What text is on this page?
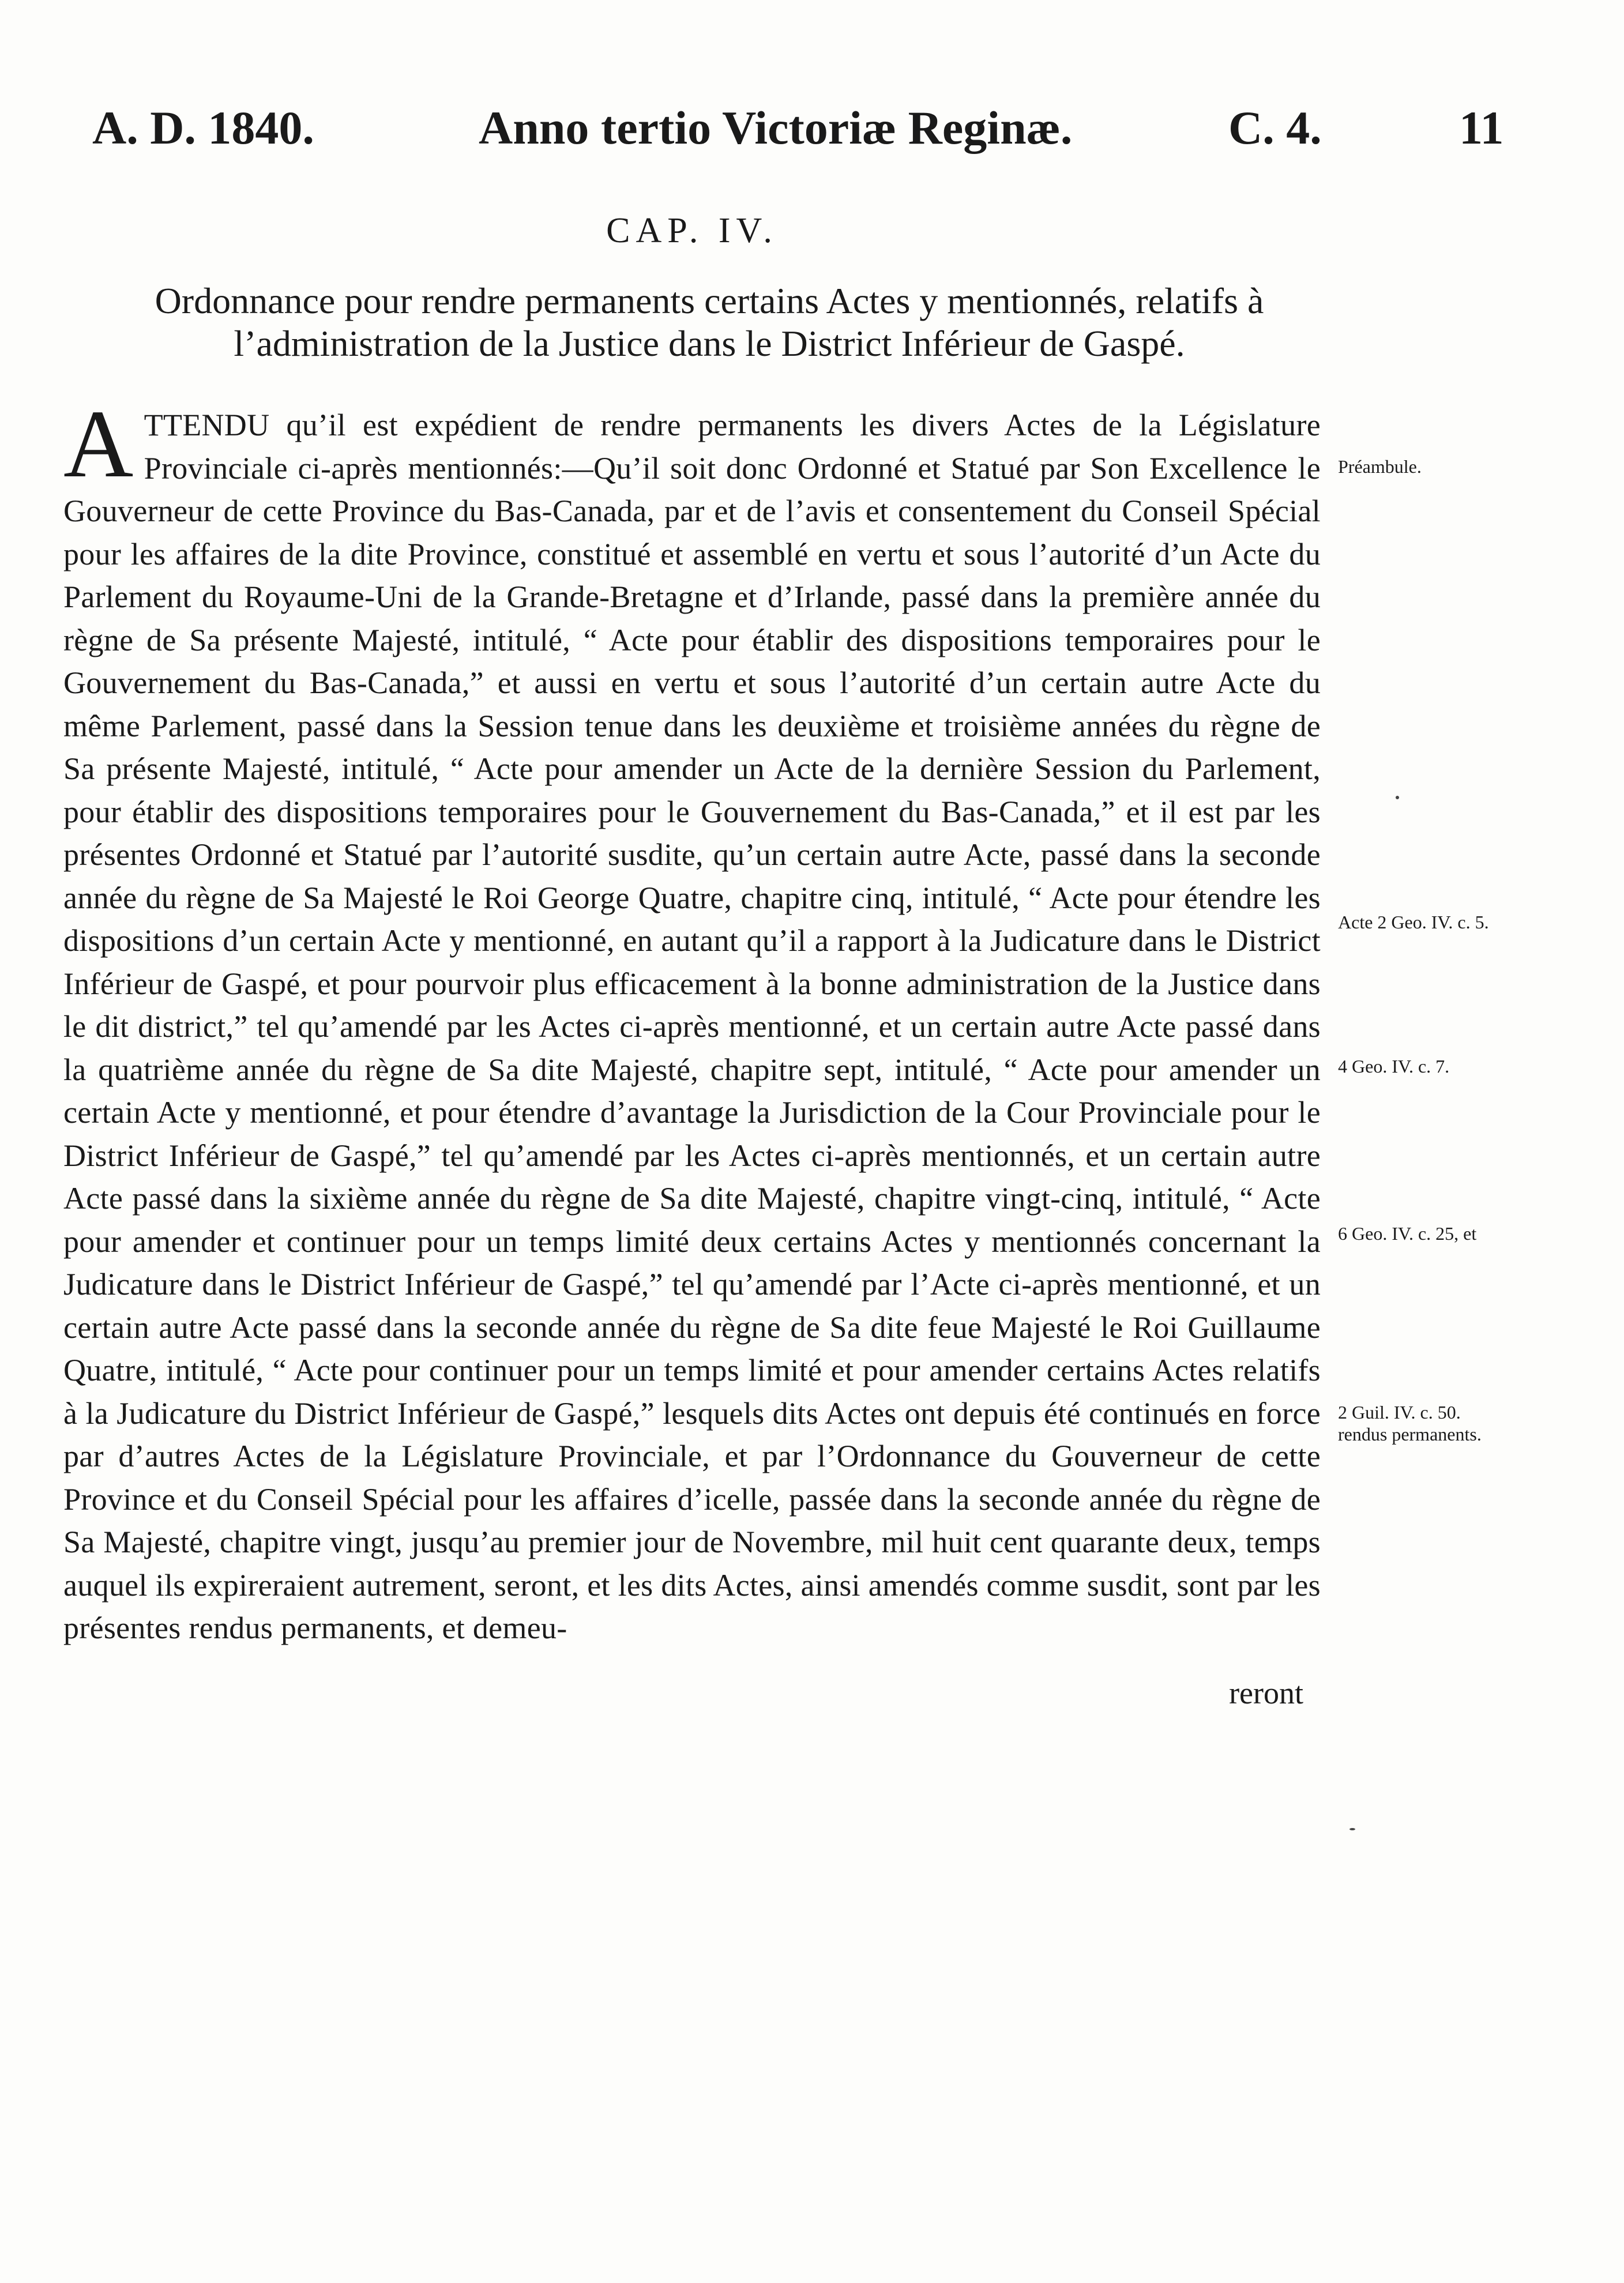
A. D. 1840.	Anno tertio Victoriæ Reginæ.	C. 4.	11
CAP. IV.
Ordonnance pour rendre permanents certains Actes y mentionnés, relatifs à l’administration de la Justice dans le District Inférieur de Gaspé.
A TTENDU qu’il est expédient de rendre permanents les divers Actes de la Législature Provinciale ci-après mentionnés:—Qu’il soit donc Ordonné et Statué par Son Excellence le Gouverneur de cette Province du Bas-Canada, par et de l’avis et consentement du Conseil Spécial pour les affaires de la dite Province, constitué et assemblé en vertu et sous l’autorité d’un Acte du Parlement du Royaume-Uni de la Grande-Bretagne et d’Irlande, passé dans la première année du règne de Sa présente Majesté, intitulé, “ Acte pour établir des dispositions temporaires pour le Gouvernement du Bas-Canada,” et aussi en vertu et sous l’autorité d’un certain autre Acte du même Parlement, passé dans la Session tenue dans les deuxième et troisième années du règne de Sa présente Majesté, intitulé, “ Acte pour amender un Acte de la dernière Session du Parlement, pour établir des dispositions temporaires pour le Gouvernement du Bas-Canada,” et il est par les présentes Ordonné et Statué par l’autorité susdite, qu’un certain autre Acte, passé dans la seconde année du règne de Sa Majesté le Roi George Quatre, chapitre cinq, intitulé, “ Acte pour étendre les dispositions d’un certain Acte y mentionné, en autant qu’il a rapport à la Judicature dans le District Inférieur de Gaspé, et pour pourvoir plus efficacement à la bonne administration de la Justice dans le dit district,” tel qu’amendé par les Actes ci-après mentionné, et un certain autre Acte passé dans la quatrième année du règne de Sa dite Majesté, chapitre sept, intitulé, “ Acte pour amender un certain Acte y mentionné, et pour étendre d’avantage la Jurisdiction de la Cour Provinciale pour le District Inférieur de Gaspé,” tel qu’amendé par les Actes ci-après mentionnés, et un certain autre Acte passé dans la sixième année du règne de Sa dite Majesté, chapitre vingt-cinq, intitulé, “ Acte pour amender et continuer pour un temps limité deux certains Actes y mentionnés concernant la Judicature dans le District Inférieur de Gaspé,” tel qu’amendé par l’Acte ci-après mentionné, et un certain autre Acte passé dans la seconde année du règne de Sa dite feue Majesté le Roi Guillaume Quatre, intitulé, “ Acte pour continuer pour un temps limité et pour amender certains Actes relatifs à la Judicature du District Inférieur de Gaspé,” lesquels dits Actes ont depuis été continués en force par d’autres Actes de la Législature Provinciale, et par l’Ordonnance du Gouverneur de cette Province et du Conseil Spécial pour les affaires d’icelle, passée dans la seconde année du règne de Sa Majesté, chapitre vingt, jusqu’au premier jour de Novembre, mil huit cent quarante deux, temps auquel ils expireraient autrement, seront, et les dits Actes, ainsi amendés comme susdit, sont par les présentes rendus permanents, et demeu-
reront
Préambule.
Acte 2 Geo. IV. c. 5.
4 Geo. IV. c. 7.
6 Geo. IV. c. 25, et
2 Guil. IV. c. 50. rendus permanents.
